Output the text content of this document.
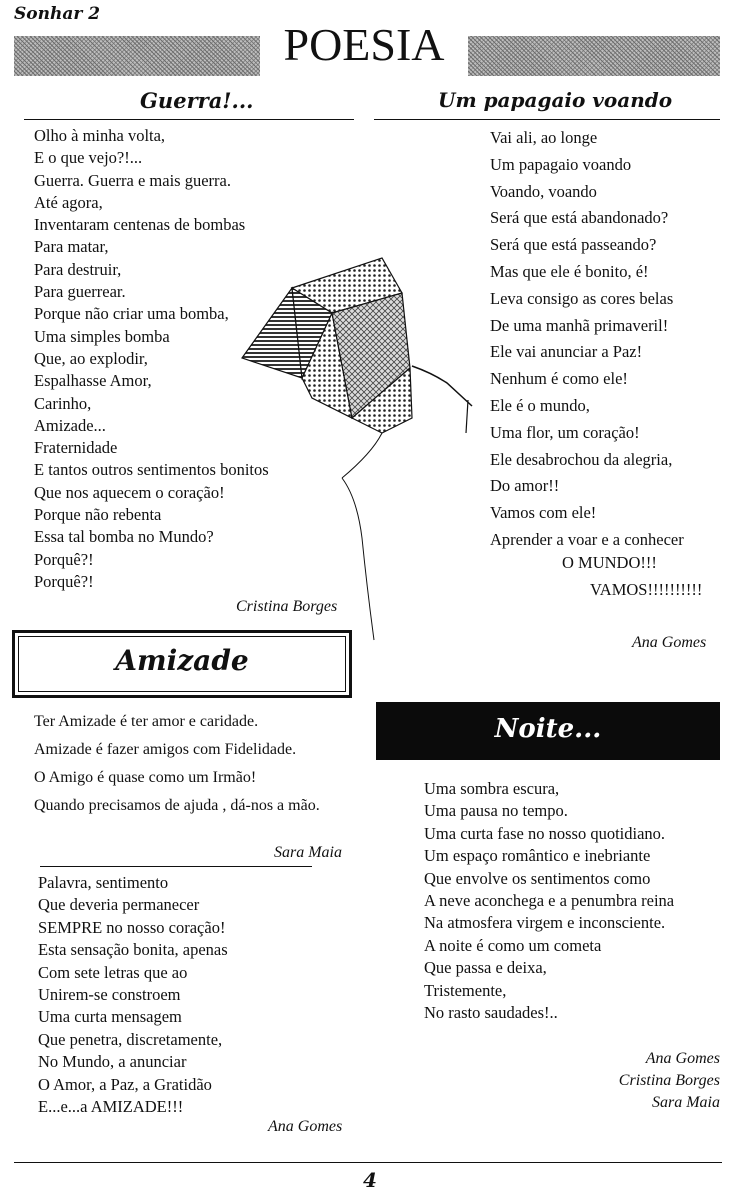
Sonhar 2
POESIA
Guerra!...
Olho à minha volta,
E o que vejo?!...
Guerra. Guerra e mais guerra.
Até agora,
Inventaram centenas de bombas
Para matar,
Para destruir,
Para guerrear.
Porque não criar uma bomba,
Uma simples bomba
Que, ao explodir,
Espalhasse Amor,
Carinho,
Amizade...
Fraternidade
E tantos outros sentimentos bonitos
Que nos aquecem o coração!
Porque não rebenta
Essa tal bomba no Mundo?
Porquê?!
Porquê?!
Cristina Borges
Um papagaio voando
Vai ali, ao longe
Um papagaio voando
Voando, voando
Será que está abandonado?
Será que está passeando?
Mas que ele é bonito, é!
Leva consigo as cores belas
De uma manhã primaveril!
Ele vai anunciar a Paz!
Nenhum é como ele!
Ele é o mundo,
Uma flor, um coração!
Ele desabrochou da alegria,
Do amor!!
Vamos com ele!
Aprender a voar e a conhecer
O MUNDO!!!
VAMOS!!!!!!!!!!
Ana Gomes
Amizade
Ter Amizade é ter amor e caridade.
Amizade é fazer amigos com Fidelidade.
O Amigo é quase como um Irmão!
Quando precisamos de ajuda , dá-nos a mão.
Sara Maia
Palavra, sentimento
Que deveria permanecer
SEMPRE no nosso coração!
Esta sensação bonita, apenas
Com sete letras que ao
Unirem-se constroem
Uma curta mensagem
Que penetra, discretamente,
No Mundo, a anunciar
O Amor, a Paz, a Gratidão
E...e...a AMIZADE!!!
Ana Gomes
Noite...
Uma sombra escura,
Uma pausa no tempo.
Uma curta fase no nosso quotidiano.
Um espaço romântico e inebriante
Que envolve os sentimentos como
A neve aconchega e a penumbra reina
Na atmosfera virgem e inconsciente.
A noite é como um cometa
Que passa e deixa,
Tristemente,
No rasto saudades!..
Ana Gomes
Cristina Borges
Sara Maia
4
